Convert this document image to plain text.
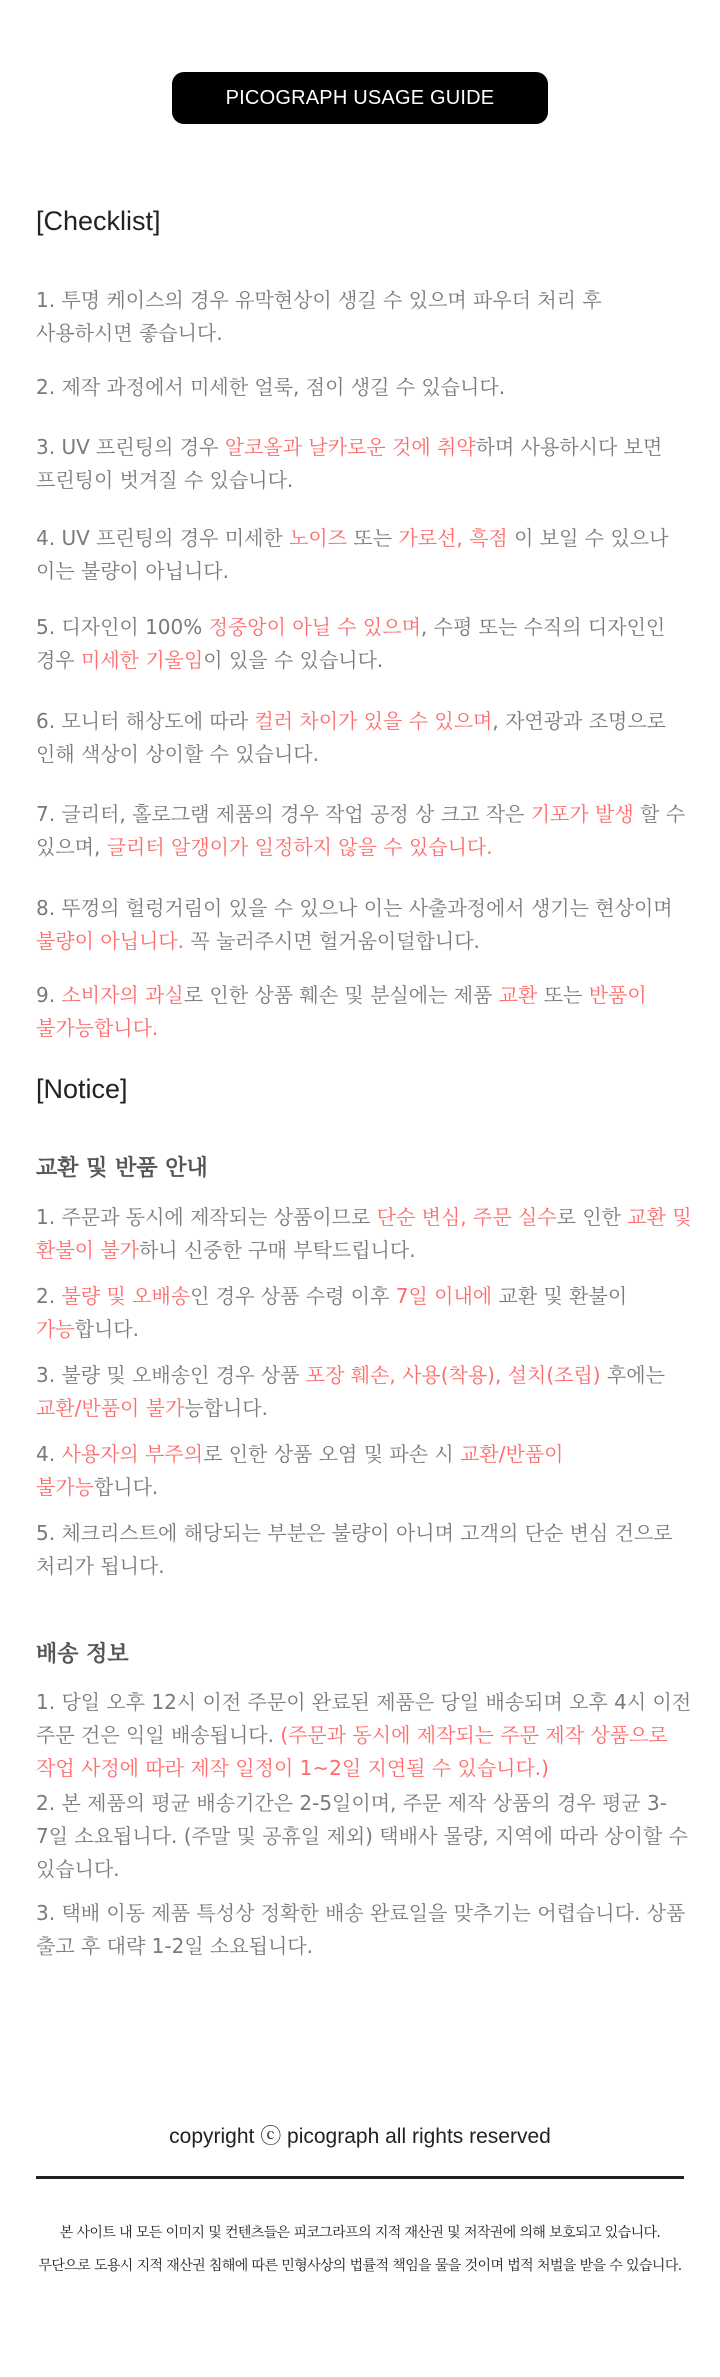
PICOGRAPH USAGE GUIDE
[Checklist]

1. 투명 케이스의 경우 유막현상이 생길 수 있으며 파우더 처리 후 사용하시면 좋습니다.

2. 제작 과정에서 미세한 얼룩, 점이 생길 수 있습니다.

3. UV 프린팅의 경우 알코올과 날카로운 것에 취약하며 사용하시다 보면 프린팅이 벗겨질 수 있습니다.

4. UV 프린팅의 경우 미세한 노이즈 또는 가로선, 흑점 이 보일 수 있으나 이는 불량이 아닙니다.

5. 디자인이 100% 정중앙이 아닐 수 있으며, 수평 또는 수직의 디자인인 경우 미세한 기울임이 있을 수 있습니다.

6. 모니터 해상도에 따라 컬러 차이가 있을 수 있으며, 자연광과 조명으로 인해 색상이 상이할 수 있습니다.

7. 글리터, 홀로그램 제품의 경우 작업 공정 상 크고 작은 기포가 발생 할 수 있으며, 글리터 알갱이가 일정하지 않을 수 있습니다.

8. 뚜껑의 헐렁거림이 있을 수 있으나 이는 사출과정에서 생기는 현상이며 불량이 아닙니다. 꼭 눌러주시면 헐거움이덜합니다.

9. 소비자의 과실로 인한 상품 훼손 및 분실에는 제품 교환 또는 반품이 불가능합니다.

[Notice]
교환 및 반품 안내

1. 주문과 동시에 제작되는 상품이므로 단순 변심, 주문 실수로 인한 교환 및 환불이 불가하니 신중한 구매 부탁드립니다.

2. 불량 및 오배송인 경우 상품 수령 이후 7일 이내에 교환 및 환불이 가능합니다.

3. 불량 및 오배송인 경우 상품 포장 훼손, 사용(착용), 설치(조립) 후에는 교환/반품이 불가능합니다.

4. 사용자의 부주의로 인한 상품 오염 및 파손 시 교환/반품이 불가능합니다.

5. 체크리스트에 해당되는 부분은 불량이 아니며 고객의 단순 변심 건으로 처리가 됩니다.

배송 정보

1. 당일 오후 12시 이전 주문이 완료된 제품은 당일 배송되며 오후 4시 이전 주문 건은 익일 배송됩니다. (주문과 동시에 제작되는 주문 제작 상품으로 작업 사정에 따라 제작 일정이 1~2일 지연될 수 있습니다.)

2. 본 제품의 평균 배송기간은 2-5일이며, 주문 제작 상품의 경우 평균 3-7일 소요됩니다. (주말 및 공휴일 제외) 택배사 물량, 지역에 따라 상이할 수 있습니다.

3. 택배 이동 제품 특성상 정확한 배송 완료일을 맞추기는 어렵습니다. 상품 출고 후 대략 1-2일 소요됩니다.

copyright ⓒ picograph all rights reserved
본 사이트 내 모든 이미지 및 컨텐츠들은 피코그라프의 지적 재산권 및 저작권에 의해 보호되고 있습니다.
무단으로 도용시 지적 재산권 침해에 따른 민형사상의 법률적 책임을 물을 것이며 법적 처벌을 받을 수 있습니다.
